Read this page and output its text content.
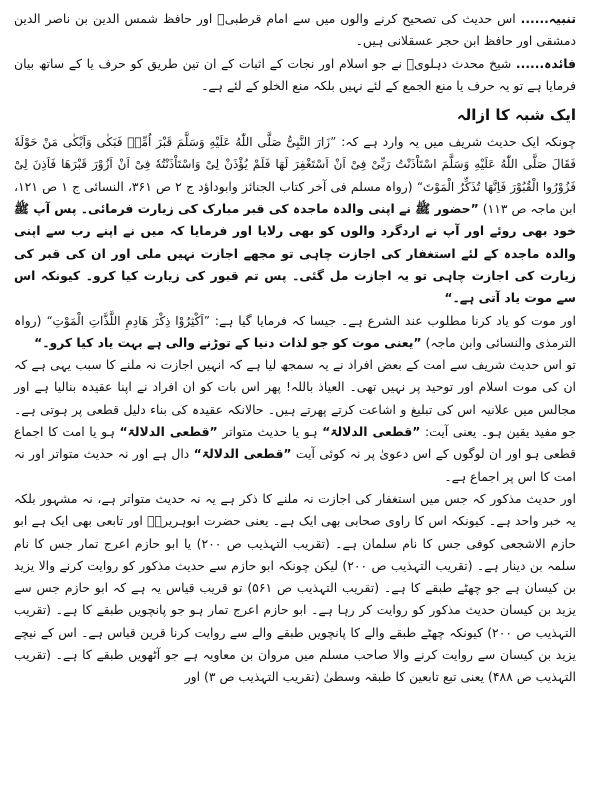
تنبیہ...... اس حدیث کی تصحیح کرنے والوں میں سے امام قرطبیؒ اور حافظ شمس الدین بن ناصر الدین دمشقی اور حافظ ابن حجر عسقلانی ہیں۔

فائدہ...... شیخ محدث دہلویؒ نے جو اسلام اور نجات کے اثبات کے ان تین طریق کو حرف یا کے ساتھ بیان فرمایا ہے تو یہ حرف یا منع الجمع کے لئے نہیں بلکہ منع الخلو کے لئے ہے۔

ایک شبہ کا ازالہ

چونکہ ایک حدیث شریف میں یہ وارد ہے کہ: ”زَارَ النَّبِیُّ صَلَّی اللّٰهُ عَلَیْهِ وَسَلَّمَ قَبْرَ اُمِّهٖ فَبَكٰی وَاَبْكٰی مَنْ حَوْلَهٗ فَقَالَ صَلَّی اللّٰهُ عَلَیْهِ وَسَلَّمَ اسْتَاْذَنْتُ رَبِّیْ فِیْ اَنْ اَسْتَغْفِرَ لَهَا فَلَمْ یُؤْذَنْ لِیْ وَاسْتَاْذَنْتُهٗ فِیْ اَنْ اَزُوْرَ قَبْرَهَا فَاَذِنَ لِیْ فَزُوْرُوا الْقُبُوْرَ فَاِنَّهَا تُذَكِّرُ الْمَوْتَ“ (رواہ مسلم فی آخر کتاب الجنائز وابوداؤد ج ۲ ص ۳۶۱، النسائی ج ۱ ص ۱۲۱، ابن ماجہ ص ۱۱۳) ”حضور ﷺ نے اپنی والدہ ماجدہ کی قبر مبارک کی زیارت فرمائی۔ پس آپ ﷺ خود بھی روئے اور آپ نے اردگرد والوں کو بھی رلایا اور فرمایا کہ میں نے اپنے رب سے اپنی والدہ ماجدہ کے لئے استغفار کی اجازت چاہی تو مجھے اجازت نہیں ملی اور ان کی قبر کی زیارت کی اجازت چاہی تو یہ اجازت مل گئی۔ پس تم قبور کی زیارت کیا کرو۔ کیونکہ اس سے موت یاد آتی ہے۔“

اور موت کو یاد کرنا مطلوب عند الشرع ہے۔ جیسا کہ فرمایا گیا ہے: ”اَكْثِرُوْا ذِكْرَ هَادِمِ اللَّذَّاتِ الْمَوْتِ“ (رواہ الترمذی والنسائی وابن ماجہ) ”یعنی موت کو جو لذات دنیا کے توڑنے والی ہے بہت یاد کیا کرو۔“

تو اس حدیث شریف سے امت کے بعض افراد نے یہ سمجھ لیا ہے کہ انہیں اجازت نہ ملنے کا سبب یہی ہے کہ ان کی موت اسلام اور توحید پر نہیں تھی۔ العیاذ باللہ! پھر اس بات کو ان افراد نے اپنا عقیدہ بنالیا ہے اور مجالس میں علانیہ اس کی تبلیغ و اشاعت کرتے پھرتے ہیں۔ حالانکہ عقیدہ کی بناء دلیل قطعی پر ہوتی ہے۔ جو مفید یقین ہو۔ یعنی آیت: ”قطعی الدلالۃ“ ہو یا حدیث متواتر ”قطعی الدلالۃ“ ہو یا امت کا اجماع قطعی ہو اور ان لوگوں کے اس دعویٰ پر نہ کوئی آیت ”قطعی الدلالۃ“ دال ہے اور نہ حدیث متواتر اور نہ امت کا اس پر اجماع ہے۔

اور حدیث مذکور کہ جس میں استغفار کی اجازت نہ ملنے کا ذکر ہے یہ نہ حدیث متواتر ہے، نہ مشہور بلکہ یہ خبر واحد ہے۔ کیونکہ اس کا راوی صحابی بھی ایک ہے۔ یعنی حضرت ابوہریرہؓ اور تابعی بھی ایک ہے ابو حازم الاشجعی کوفی جس کا نام سلمان ہے۔ (تقریب التہذیب ص ۲۰۰) یا ابو حازم اعرج تمار جس کا نام سلمہ بن دینار ہے۔ (تقریب التہذیب ص ۲۰۰) لیکن چونکہ ابو حازم سے حدیث مذکور کو روایت کرنے والا یزید بن کیسان ہے جو چھٹے طبقے کا ہے۔ (تقریب التہذیب ص ۵۶۱) تو قریب قیاس یہ ہے کہ ابو حازم جس سے یزید بن کیسان حدیث مذکور کو روایت کر رہا ہے۔ ابو حازم اعرج تمار ہو جو پانچویں طبقے کا ہے۔ (تقریب التہذیب ص ۲۰۰) کیونکہ چھٹے طبقے والے کا پانچویں طبقے والے سے روایت کرنا قرین قیاس ہے۔ اس کے نیچے یزید بن کیسان سے روایت کرنے والا صاحب مسلم میں مروان بن معاویہ ہے جو آٹھویں طبقے کا ہے۔ (تقریب التہذیب ص ۴۸۸) یعنی تبع تابعین کا طبقہ وسطیٰ (تقریب التہذیب ص ۳) اور
